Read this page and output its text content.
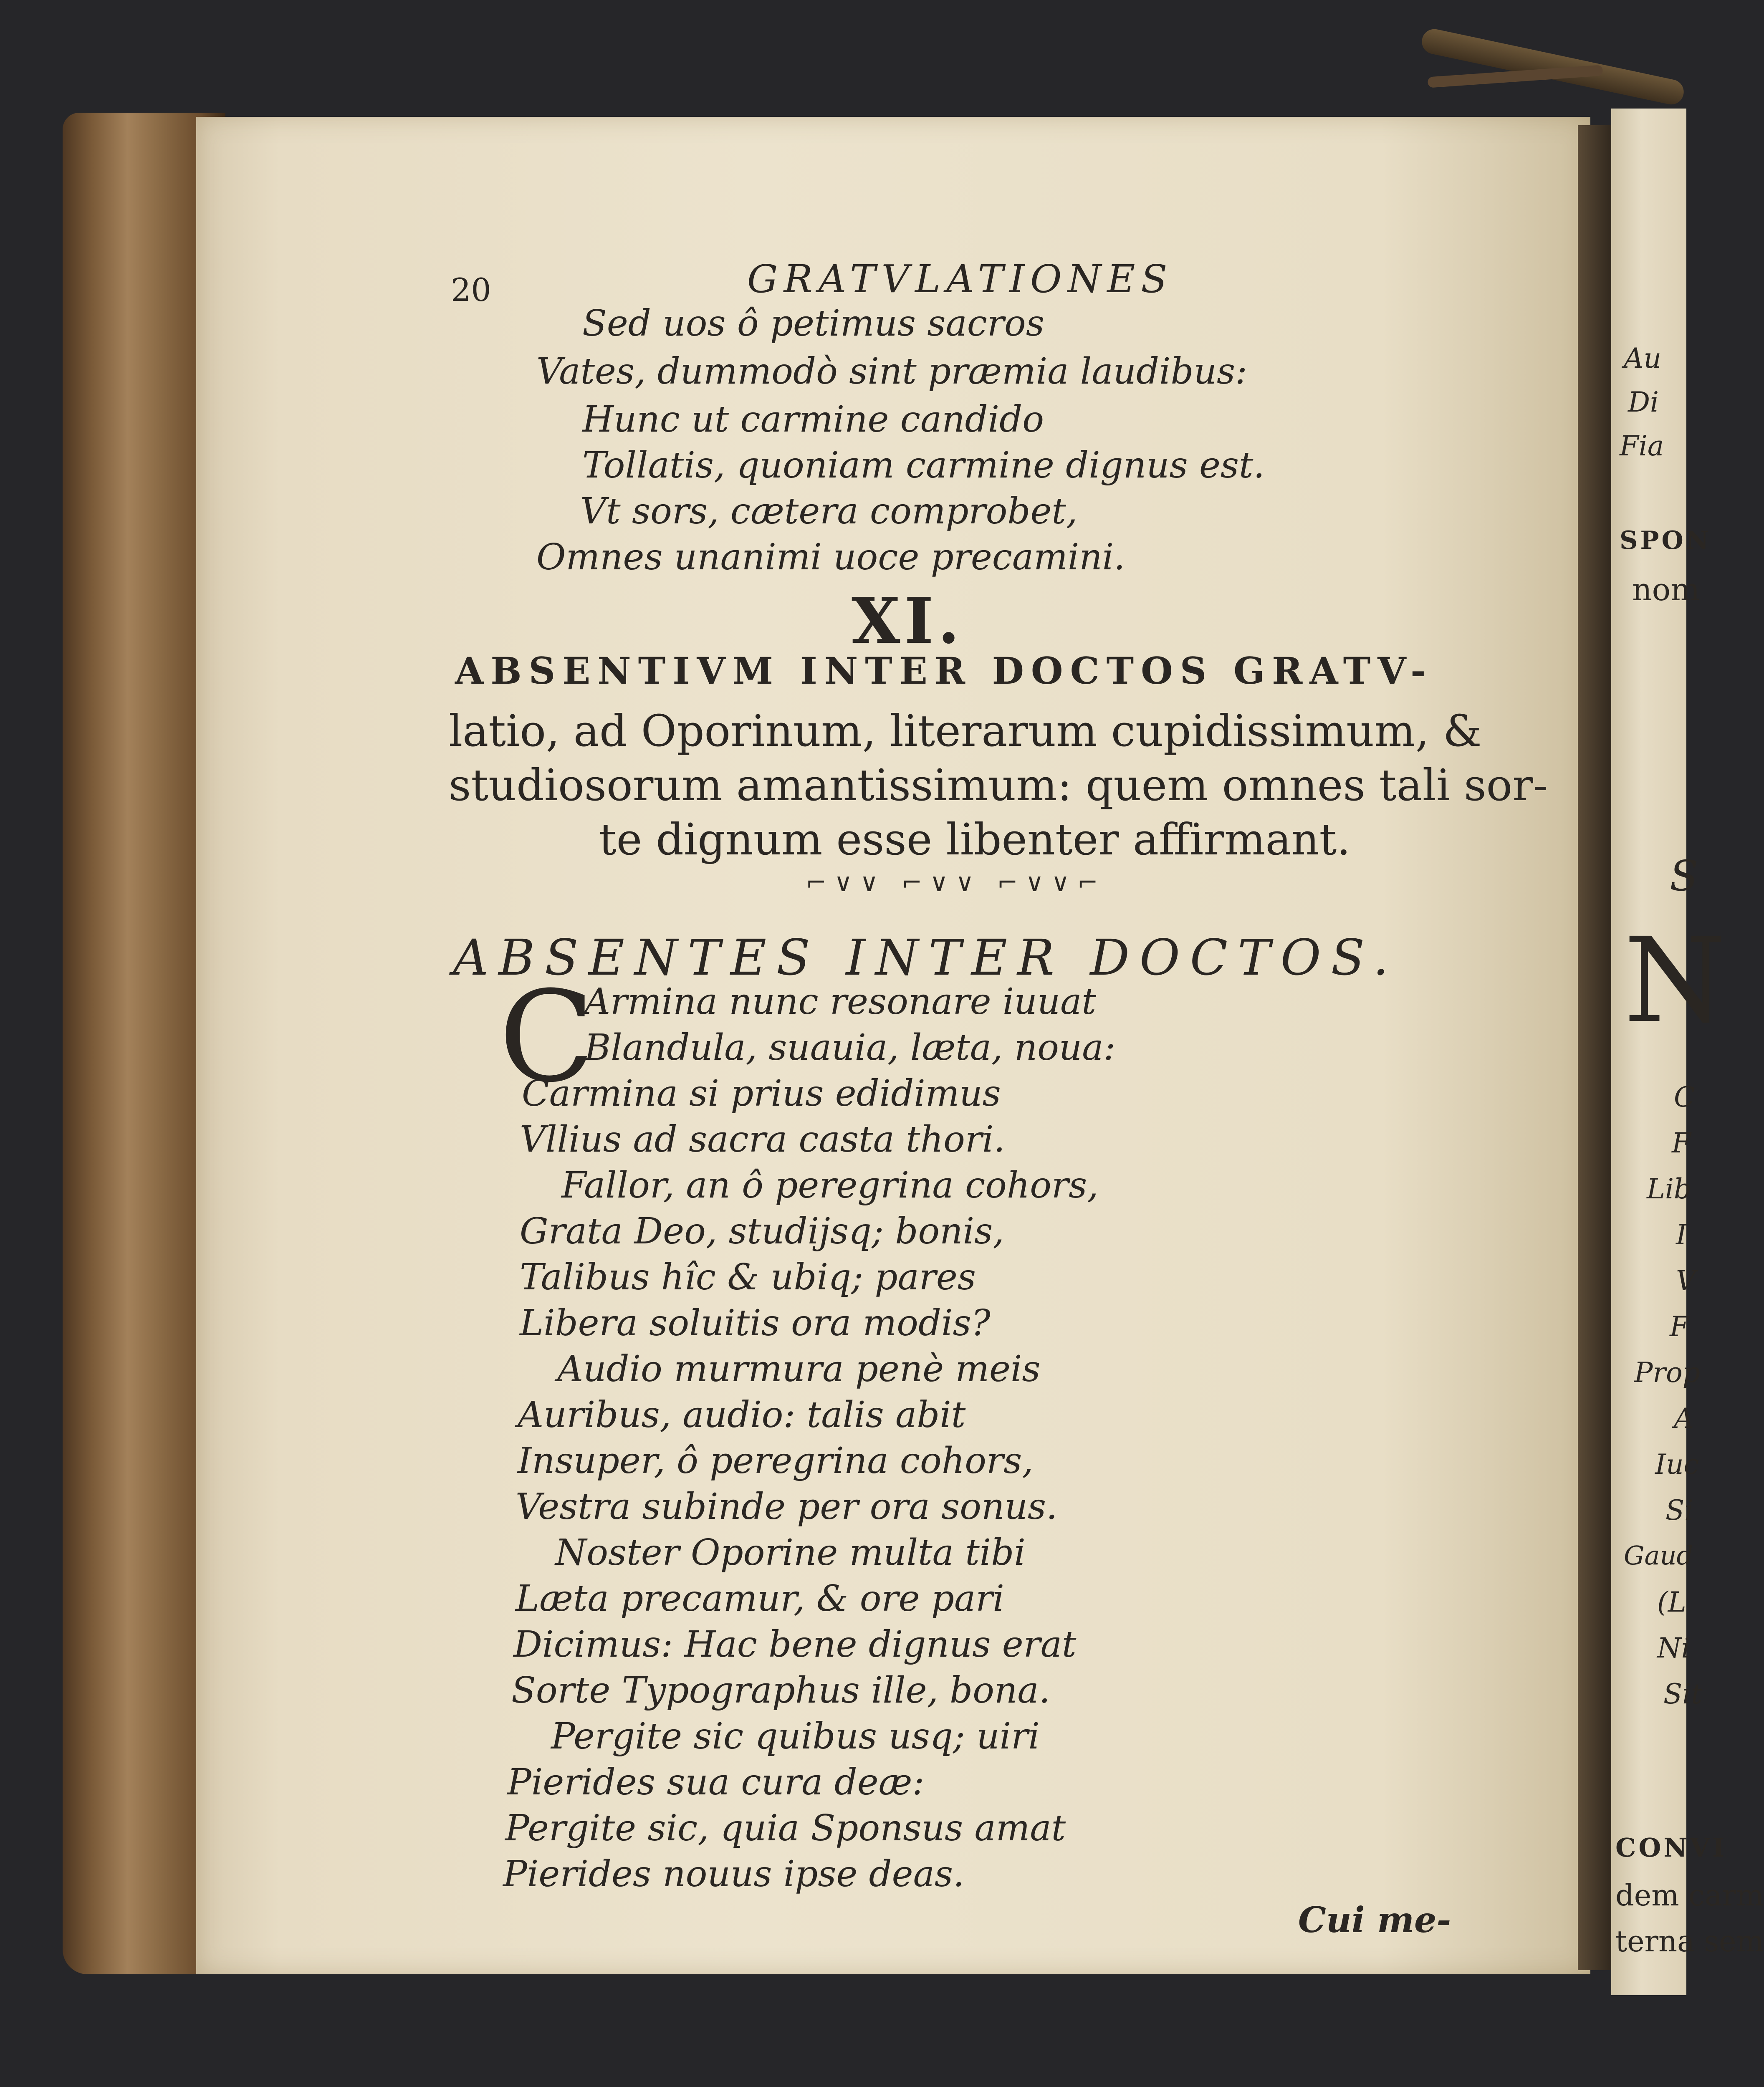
Au
Di
Fia
SPON
nom
S
N
C
F
Lib
I
V
F
Prop
A
Iuc
Si
Gaud
(L
Ni
Sit
CONVI
dem carm
terna sem
20	GRATVLATIONES
Sed uos ô petimus sacros
Vates, dummodò sint præmia laudibus:
Hunc ut carmine candido
Tollatis, quoniam carmine dignus est.
Vt sors, cætera comprobet,
Omnes unanimi uoce precamini.
XI.
ABSENTIVM INTER DOCTOS GRATV-
latio, ad Oporinum, literarum cupidissimum, &
studiosorum amantissimum: quem omnes tali sor-
te dignum esse libenter affirmant.
⌐∨∨ ⌐∨∨ ⌐∨∨⌐
ABSENTES INTER DOCTOS.
C
Armina nunc resonare iuuat
Blandula, suauia, læta, noua:
Carmina si prius edidimus
Vllius ad sacra casta thori.
Fallor, an ô peregrina cohors,
Grata Deo, studijsq; bonis,
Talibus hîc & ubiq; pares
Libera soluitis ora modis?
Audio murmura penè meis
Auribus, audio: talis abit
Insuper, ô peregrina cohors,
Vestra subinde per ora sonus.
Noster Oporine multa tibi
Læta precamur, & ore pari
Dicimus: Hac bene dignus erat
Sorte Typographus ille, bona.
Pergite sic quibus usq; uiri
Pierides sua cura deæ:
Pergite sic, quia Sponsus amat
Pierides nouus ipse deas.
Cui me-
